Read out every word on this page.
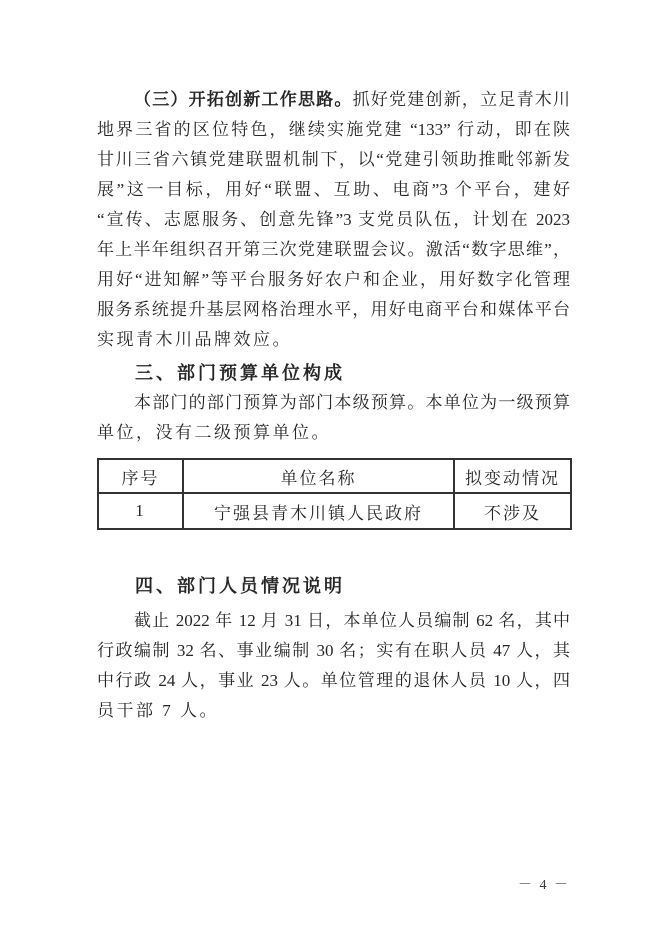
（三）开拓创新工作思路。抓好党建创新，立足青木川
地界三省的区位特色，继续实施党建 “133” 行动，即在陕
甘川三省六镇党建联盟机制下，以“党建引领助推毗邻新发
展”这一目标，用好“联盟、互助、电商”3 个平台，建好
“宣传、志愿服务、创意先锋”3 支党员队伍，计划在 2023
年上半年组织召开第三次党建联盟会议。激活“数字思维”，
用好“进知解”等平台服务好农户和企业，用好数字化管理
服务系统提升基层网格治理水平，用好电商平台和媒体平台
实现青木川品牌效应。
三、部门预算单位构成
本部门的部门预算为部门本级预算。本单位为一级预算
单位，没有二级预算单位。
序号	单位名称	拟变动情况
1	宁强县青木川镇人民政府	不涉及
四、部门人员情况说明
截止 2022 年 12 月 31 日，本单位人员编制 62 名，其中
行政编制 32 名、事业编制 30 名；实有在职人员 47 人，其
中行政 24 人，事业 23 人。单位管理的退休人员 10 人，四
员干部 7 人。
－ 4 －
